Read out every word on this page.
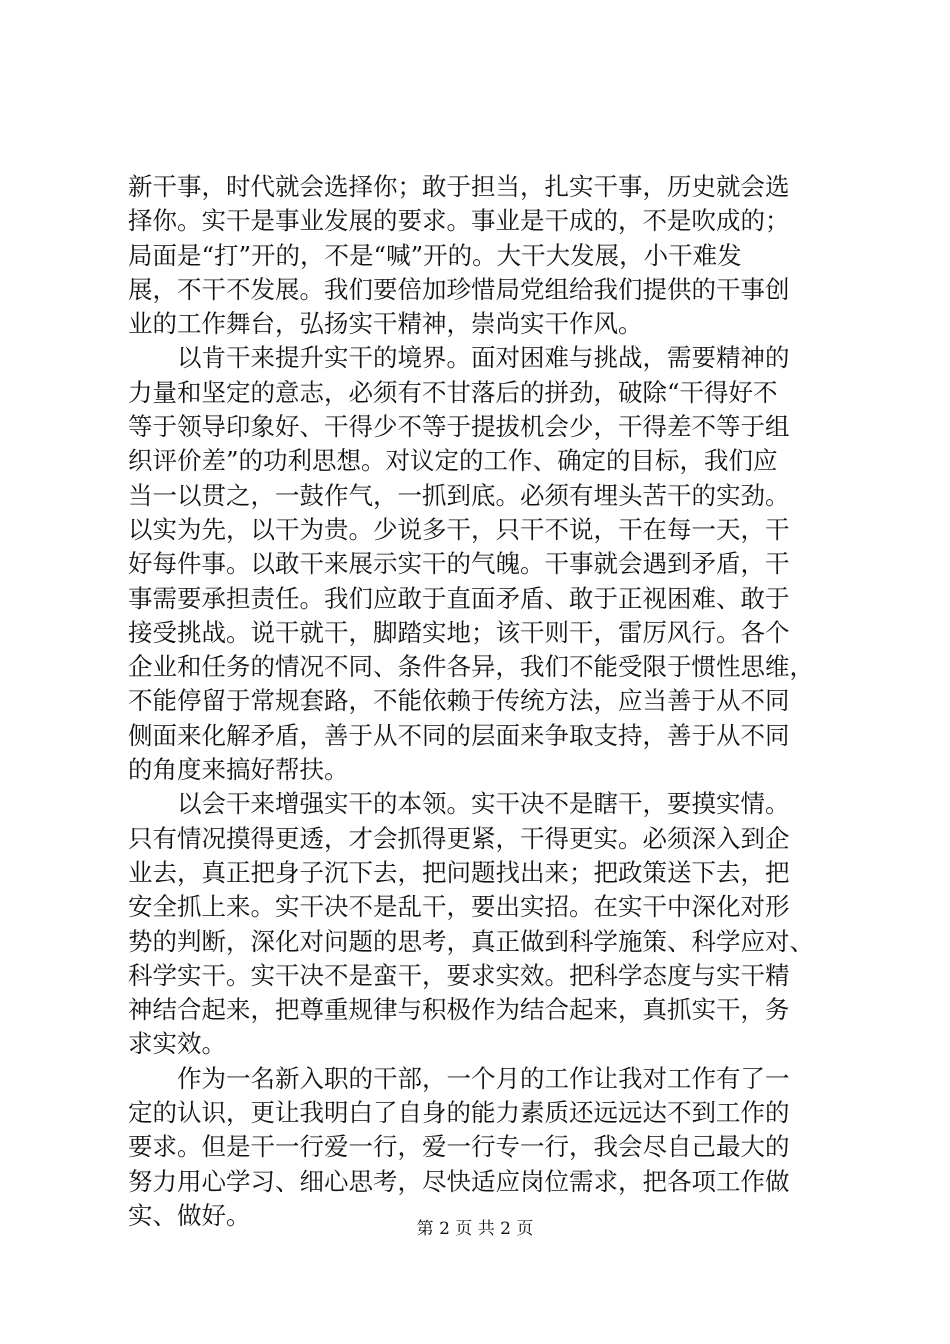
新干事，时代就会选择你；敢于担当，扎实干事，历史就会选
择你。实干是事业发展的要求。事业是干成的，不是吹成的；
局面是“打”开的，不是“喊”开的。大干大发展，小干难发
展，不干不发展。我们要倍加珍惜局党组给我们提供的干事创
业的工作舞台，弘扬实干精神，崇尚实干作风。
　　以肯干来提升实干的境界。面对困难与挑战，需要精神的
力量和坚定的意志，必须有不甘落后的拼劲，破除“干得好不
等于领导印象好、干得少不等于提拔机会少，干得差不等于组
织评价差”的功利思想。对议定的工作、确定的目标，我们应
当一以贯之，一鼓作气，一抓到底。必须有埋头苦干的实劲。
以实为先，以干为贵。少说多干，只干不说，干在每一天，干
好每件事。以敢干来展示实干的气魄。干事就会遇到矛盾，干
事需要承担责任。我们应敢于直面矛盾、敢于正视困难、敢于
接受挑战。说干就干，脚踏实地；该干则干，雷厉风行。各个
企业和任务的情况不同、条件各异，我们不能受限于惯性思维，
不能停留于常规套路，不能依赖于传统方法，应当善于从不同
侧面来化解矛盾，善于从不同的层面来争取支持，善于从不同
的角度来搞好帮扶。
　　以会干来增强实干的本领。实干决不是瞎干，要摸实情。
只有情况摸得更透，才会抓得更紧，干得更实。必须深入到企
业去，真正把身子沉下去，把问题找出来；把政策送下去，把
安全抓上来。实干决不是乱干，要出实招。在实干中深化对形
势的判断，深化对问题的思考，真正做到科学施策、科学应对、
科学实干。实干决不是蛮干，要求实效。把科学态度与实干精
神结合起来，把尊重规律与积极作为结合起来，真抓实干，务
求实效。
　　作为一名新入职的干部，一个月的工作让我对工作有了一
定的认识，更让我明白了自身的能力素质还远远达不到工作的
要求。但是干一行爱一行，爱一行专一行，我会尽自己最大的
努力用心学习、细心思考，尽快适应岗位需求，把各项工作做
实、做好。	第 2 页 共 2 页
